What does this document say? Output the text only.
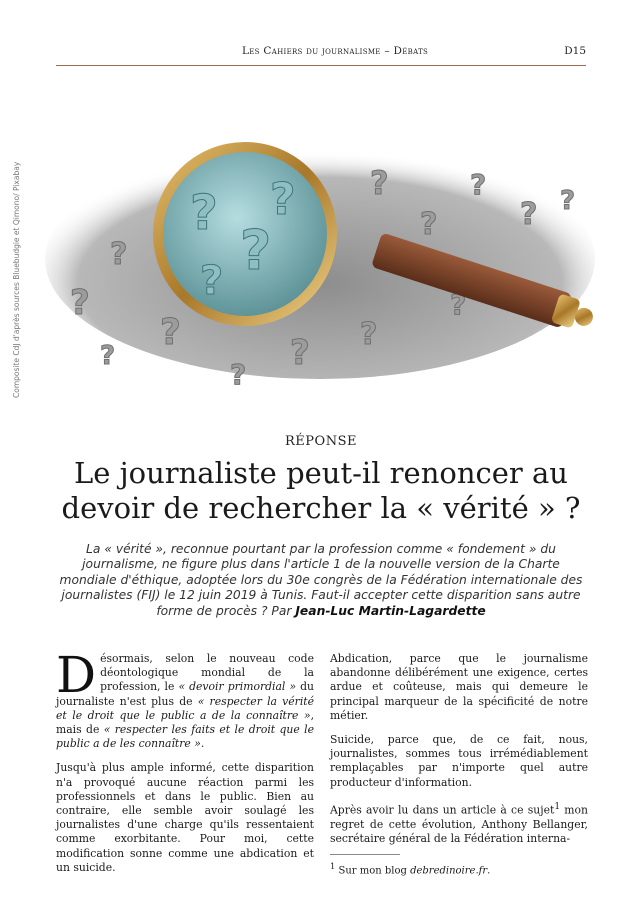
Les Cahiers du journalisme – Débats	D15
Composite CdJ d'après sources Bluebudgie et Qimono/ Pixabay ?
?
?
?
?
?
? ?
? ?
?
?
?
?
?
?
?
RÉPONSE
Le journaliste peut-il renoncer au
devoir de rechercher la « vérité » ?
La « vérité », reconnue pourtant par la profession comme « fondement » du journalisme, ne figure plus dans l'article 1 de la nouvelle version de la Charte mondiale d'éthique, adoptée lors du 30e congrès de la Fédération internationale des journalistes (FIJ) le 12 juin 2019 à Tunis. Faut-il accepter cette disparition sans autre forme de procès ? Par Jean-Luc Martin-Lagardette

Désormais, selon le nouveau code déontologique mondial de la profession, le « devoir primordial » du journaliste n'est plus de « respecter la vérité et le droit que le public a de la connaître », mais de « respecter les faits et le droit que le public a de les connaître ».

Jusqu'à plus ample informé, cette disparition n'a provoqué aucune réaction parmi les professionnels et dans le public. Bien au contraire, elle semble avoir soulagé les journalistes d'une charge qu'ils ressentaient comme exorbitante. Pour moi, cette modification sonne comme une abdication et un suicide.

Abdication, parce que le journalisme abandonne délibérément une exigence, certes ardue et coûteuse, mais qui demeure le principal marqueur de la spécificité de notre métier.

Suicide, parce que, de ce fait, nous, journalistes, sommes tous irrémédiablement remplaçables par n'importe quel autre producteur d'information.

Après avoir lu dans un article à ce sujet$^1$ mon regret de cette évolution, Anthony Bellanger, secrétaire général de la Fédération interna-

$^1$ Sur mon blog debredinoire.fr.
